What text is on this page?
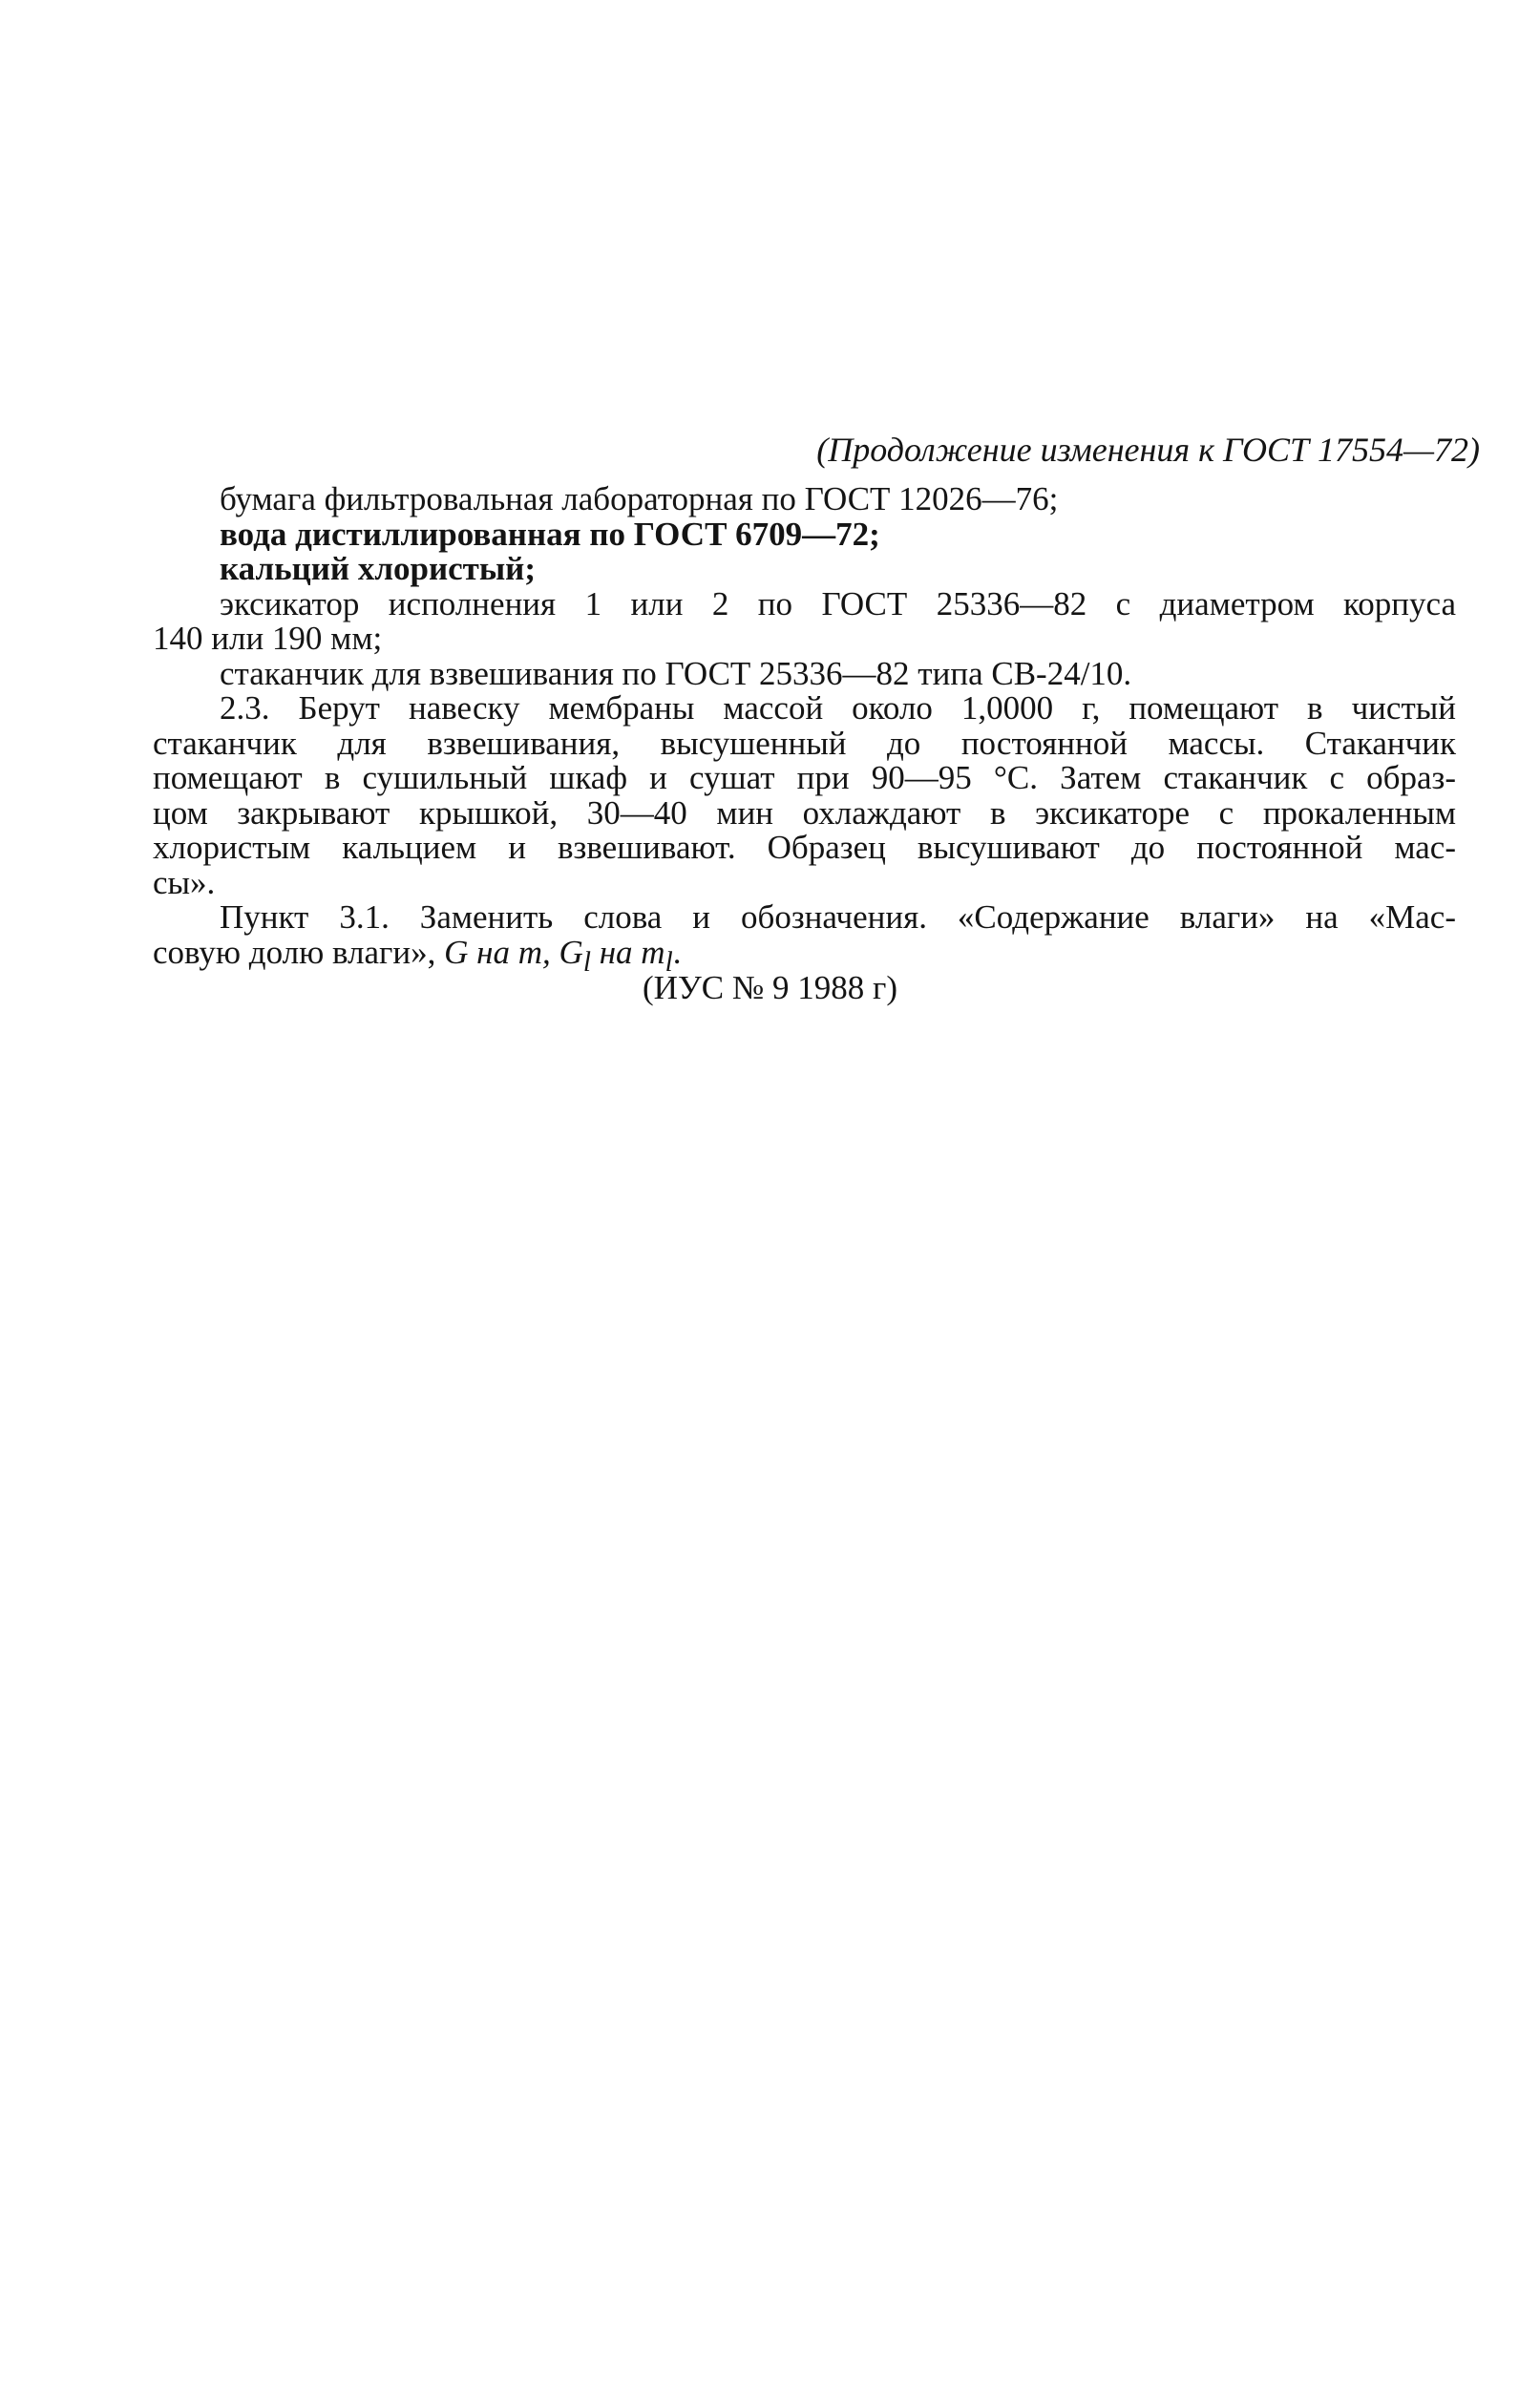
(Продолжение изменения к ГОСТ 17554—72)
бумага фильтровальная лабораторная по ГОСТ 12026—76;
вода дистиллированная по ГОСТ 6709—72;
кальций хлористый;
эксикатор исполнения 1 или 2 по ГОСТ 25336—82 с диаметром корпуса
140 или 190 мм;
стаканчик для взвешивания по ГОСТ 25336—82 типа СВ-24/10.
2.3. Берут навеску мембраны массой около 1,0000 г, помещают в чистый
стаканчик для взвешивания, высушенный до постоянной массы. Стаканчик
помещают в сушильный шкаф и сушат при 90—95 °С. Затем стаканчик с образ-
цом закрывают крышкой, 30—40 мин охлаждают в эксикаторе с прокаленным
хлористым кальцием и взвешивают. Образец высушивают до постоянной мас-
сы».
Пункт 3.1. Заменить слова и обозначения. «Содержание влаги» на «Мас-
совую долю влаги», G на m, $G_l$ на $m_l$.
(ИУС № 9 1988 г)
